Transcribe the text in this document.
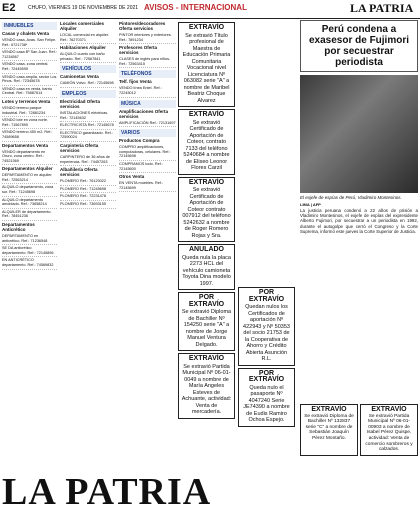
E2	CHUFO, VIERNES 19 DE NOVIEMBRE DE 2021 AVISOS - INTERNACIONAL	LA PATRIA
INMUEBLES
Casas y chalets Venta
VENDO casa, Avas. San Felipe. Ref.: 6721738*
VENDO casa Bº San Juan. Ref.: 71234567
VENDO casa, zona central. Ref.: 72445595
VENDO casa amplia, sector Los Pinos. Ref.: 72345678
VENDO casa en venta, barrio Central. Ref.: 75887614
Lotes y terrenos Venta
VENDO terreno parque industrial. Ref.: 72881234
VENDO lote en zona norte. Ref.: 71567890
VENDO terreno 450 m2. Ref.: 74589658
Departamentos Venta
VENDO departamento en Oruro, zona centro. Ref.: 74521369
Departamentos Alquiler
DEPARTAMENTO en alquiler. Ref.: 72563214
ALQUILO departamento, zona sur. Ref.: 71245698
ALQUILO departamento amoblado. Ref.: 73658214
ALQUILER de departamento. Ref.: 78451236
Departamentos Anticrético
DEPARTAMENTO en anticrético. Ref.: 71236548
SE DA anticrético departamento. Ref.: 72145896
EN ANTICRÉTICO departamento. Ref.: 74569832
Locales comerciales Alquiler
LOCAL comercial en alquiler. Ref.: 76270371
Habitaciones Alquiler
ALQUILO cuarto con baño privado. Ref.: 72567841
VEHÍCULOS
Camionetas Venta
CAMIÓN Volvo. Ref.: 72145698
EMPLEOS
Electricidad Oferta servicios
INSTALACIONES eléctricas. Ref.: 72145632
ELECTRICISTA Ref.: 72145678
ELECTRICO garantizado. Ref.: 72590024
Carpintería Oferta servicios
CARPINTERO de 36 años de experiencia. Ref.: 74457263
Albañilería Oferta servicios
PLOMERO Ref.: 76120022
PLOMERO Ref.: 71245698
PLOMERO Ref.: 72231478
PLOMERO Ref.: 73693155
Pintores/decoradores Oferta servicios
PINTOR interiores y exteriores. Ref.: 7891234
Profesores Oferta servicios
CLASES de inglés para niños. Ref.: 72563415
TELÉFONOS
Telf. fijos Venta
VENDO línea Entel. Ref.: 72245012
MÚSICA
Amplificaciones Oferta servicios
AMPLIFICACIÓN Ref.: 72131697
VARIOS
Productos Compra
COMPRO amplificaciones, computadoras, celulares. Ref.: 72145698
COMPRAMOS todo. Ref.: 72145600
Otros Venta
EN VENTA muebles. Ref.: 72145699
EXTRAVÍO
Se extravió Título profesional de Maestra de Educación Primaria Comunitaria Vocacional nivel Licenciatura Nº 063082 serie "A" a nombre de Maribel Beatriz Choque Alvarez
EXTRAVÍO
Se extravió Certificado de Aportación de Coteor, contrato 7133 del teléfono 5240684 a nombre de Eliseo Leonor Flores Carzil
EXTRAVÍO
Se extravió Certificado de Aportación de Coteor contrato 007912 del teléfono 5242632 a nombre de Roger Romero Rojas y Sra.
ANULADO
Queda nula la placa 2273 HCL del vehículo camioneta Toyota Dina modelo 1997.
POR EXTRAVÍO
Se extravió Diploma de Bachiller Nº 154250 serie "A" a nombre de Jorge Manuel Ventura Delgado.
EXTRAVÍO
Se extravió Partida Municipal Nº 06-01-0049 a nombre de María Angeles Esteves de Achuante, actividad: Venta de mercadería.
POR EXTRAVÍO
Quedan nulos los Certificados de aportación Nº 422943 y Nº 50353 del socio 21753 de la Cooperativa de Ahorro y Crédito Abierta Asunción R.L.
POR EXTRAVÍO
Queda nulo el pasaporte Nº 4047240 Serie JE74390 a nombre de Eudis Ramiro Ochoa Espejo.
Perú condena a exasesor de Fujimori por secuestrar periodista
El exjefe de espías de Perú, Vladimiro Montesinos.
LIMA | AFP
La justicia peruana condenó a 22 años de prisión a Vladimiro Montesinos, el exjefe de espías del expresidente Alberto Fujimori, por secuestrar a un periodista en 1992, durante el autogolpe que cerró el Congreso y la Corte Suprema, informó este jueves la Corte Superior de Justicia.
EXTRAVÍO
Se extravió Diploma de Bachiller Nº 132837 serie "C" a nombre de Sebastián Joaquín Pérez Montaño.
EXTRAVÍO
Se extravió Partida Municipal Nº 06-01-00903 a nombre de Isabel Pérez Quispe, actividad: Venta de comercio sombreros y calzados.
LA PATRIA
